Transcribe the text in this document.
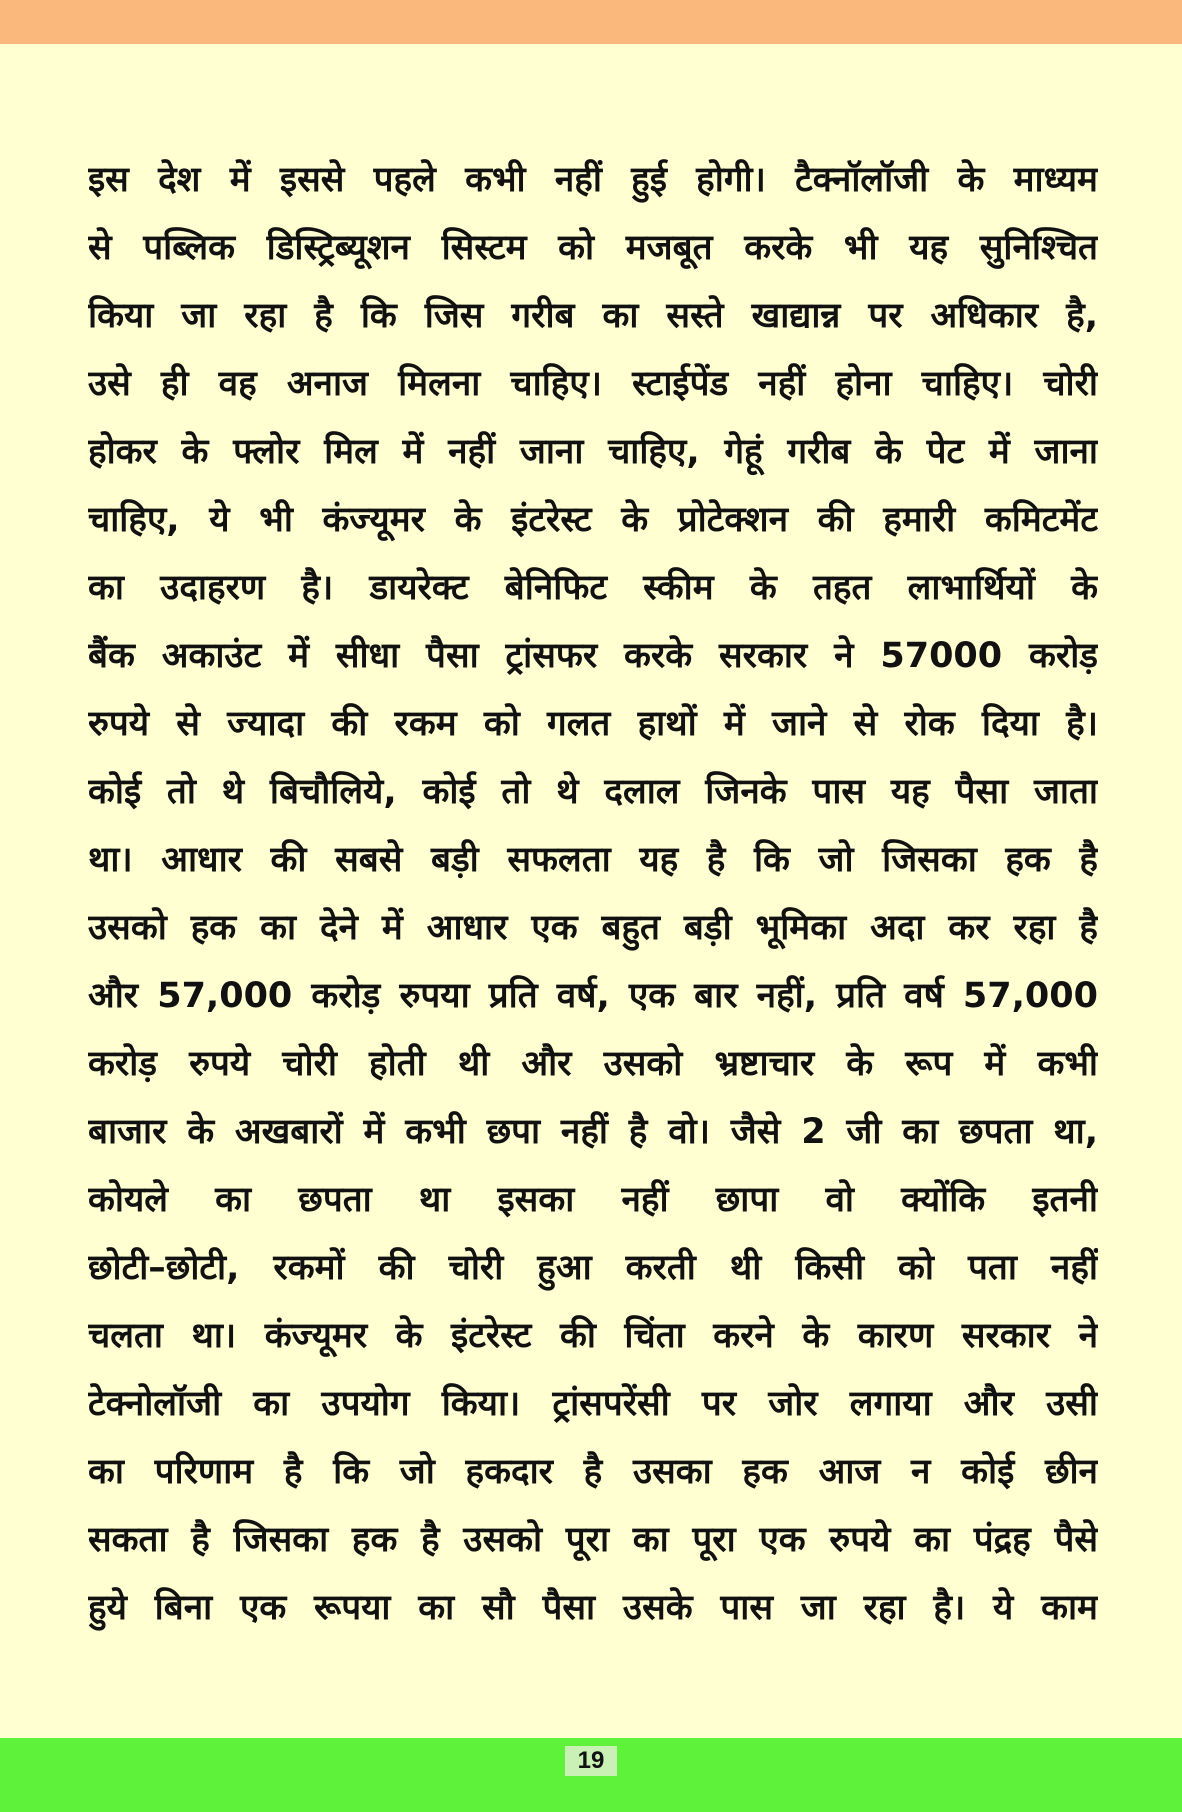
इस देश में इससे पहले कभी नहीं हुई होगी। टैक्नॉलॉजी के माध्यम
से पब्लिक डिस्ट्रिब्यूशन सिस्टम को मजबूत करके भी यह सुनिश्चित
किया जा रहा है कि जिस गरीब का सस्ते खाद्यान्न पर अधिकार है,
उसे ही वह अनाज मिलना चाहिए। स्टाईपेंड नहीं होना चाहिए। चोरी
होकर के फ्लोर मिल में नहीं जाना चाहिए, गेहूं गरीब के पेट में जाना
चाहिए, ये भी कंज्यूमर के इंटरेस्ट के प्रोटेक्शन की हमारी कमिटमेंट
का उदाहरण है। डायरेक्ट बेनिफिट स्कीम के तहत लाभार्थियों के
बैंक अकाउंट में सीधा पैसा ट्रांसफर करके सरकार ने 57000 करोड़
रुपये से ज्यादा की रकम को गलत हाथों में जाने से रोक दिया है।
कोई तो थे बिचौलिये, कोई तो थे दलाल जिनके पास यह पैसा जाता
था। आधार की सबसे बड़ी सफलता यह है कि जो जिसका हक है
उसको हक का देने में आधार एक बहुत बड़ी भूमिका अदा कर रहा है
और 57,000 करोड़ रुपया प्रति वर्ष, एक बार नहीं, प्रति वर्ष 57,000
करोड़ रुपये चोरी होती थी और उसको भ्रष्टाचार के रूप में कभी
बाजार के अखबारों में कभी छपा नहीं है वो। जैसे 2 जी का छपता था,
कोयले का छपता था इसका नहीं छापा वो क्योंकि इतनी
छोटी–छोटी, रकमों की चोरी हुआ करती थी किसी को पता नहीं
चलता था। कंज्यूमर के इंटरेस्ट की चिंता करने के कारण सरकार ने
टेक्नोलॉजी का उपयोग किया। ट्रांसपरेंसी पर जोर लगाया और उसी
का परिणाम है कि जो हकदार है उसका हक आज न कोई छीन
सकता है जिसका हक है उसको पूरा का पूरा एक रुपये का पंद्रह पैसे
हुये बिना एक रूपया का सौ पैसा उसके पास जा रहा है। ये काम
19
